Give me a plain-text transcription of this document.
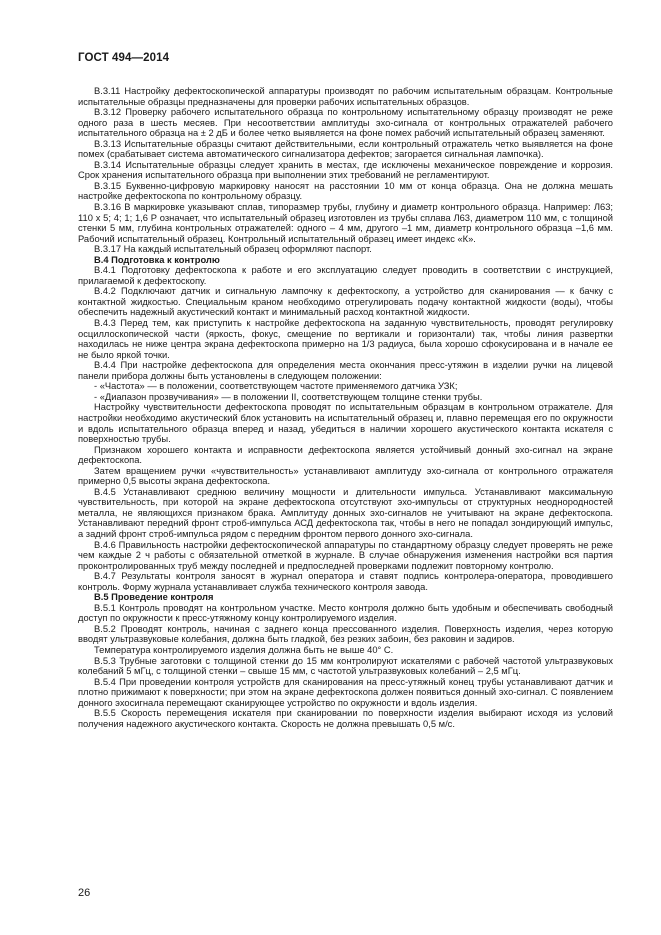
ГОСТ 494—2014

В.3.11 Настройку дефектоскопической аппаратуры производят по рабочим испытательным образцам. Контрольные испытательные образцы предназначены для проверки рабочих испытательных образцов.

В.3.12 Проверку рабочего испытательного образца по контрольному испытательному образцу производят не реже одного раза в шесть месяев. При несоответствии амплитуды эхо-сигнала от контрольных отражателей рабочего испытательного образца на ± 2 дБ и более четко выявляется на фоне помех рабочий испытательный образец заменяют.

В.3.13 Испытательные образцы считают действительными, если контрольный отражатель четко выявляется на фоне помех (срабатывает система автоматического сигнализатора дефектов; загорается сигнальная лампочка).

В.3.14 Испытательные образцы следует хранить в местах, где исключены механическое повреждение и коррозия. Срок хранения испытательного образца при выполнении этих требований не регламентируют.

В.3.15 Буквенно-цифровую маркировку наносят на расстоянии 10 мм от конца образца. Она не должна мешать настройке дефектоскопа по контрольному образцу.

В.3.16 В маркировке указывают сплав, типоразмер трубы, глубину и диаметр контрольного образца. Например: Л63; 110 x 5; 4; 1; 1,6 Р означает, что испытательный образец изготовлен из трубы сплава Л63, диаметром 110 мм, с толщиной стенки 5 мм, глубина контрольных отражателей: одного – 4 мм, другого –1 мм, диаметр контрольного образца –1,6 мм. Рабочий испытательный образец. Контрольный испытательный образец имеет индекс «К».

В.3.17 На каждый испытательный образец оформляют паспорт.

В.4 Подготовка к контролю

В.4.1 Подготовку дефектоскопа к работе и его эксплуатацию следует проводить в соответствии с инструкцией, прилагаемой к дефектоскопу.

В.4.2 Подключают датчик и сигнальную лампочку к дефектоскопу, а устройство для сканирования — к бачку с контактной жидкостью. Специальным краном необходимо отрегулировать подачу контактной жидкости (воды), чтобы обеспечить надежный акустический контакт и минимальный расход контактной жидкости.

В.4.3 Перед тем, как приступить к настройке дефектоскопа на заданную чувствительность, проводят регулировку осциллоскопической части (яркость, фокус, смещение по вертикали и горизонтали) так, чтобы линия развертки находилась не ниже центра экрана дефектоскопа примерно на 1/3 радиуса, была хорошо сфокусирована и в начале ее не было яркой точки.

В.4.4 При настройке дефектоскопа для определения места окончания пресс-утяжин в изделии ручки на лицевой панели прибора должны быть установлены в следующем положении:

- «Частота» — в положении, соответствующем частоте применяемого датчика УЗК;

- «Диапазон прозвучивания» — в положении II, соответствующем толщине стенки трубы.

Настройку чувствительности дефектоскопа проводят по испытательным образцам в контрольном отражателе. Для настройки необходимо акустический блок установить на испытательный образец и, плавно перемещая его по окружности и вдоль испытательного образца вперед и назад, убедиться в наличии хорошего акустического контакта искателя с поверхностью трубы.

Признаком хорошего контакта и исправности дефектоскопа является устойчивый донный эхо-сигнал на экране дефектоскопа.

Затем вращением ручки «чувствительность» устанавливают амплитуду эхо-сигнала от контрольного отражателя примерно 0,5 высоты экрана дефектоскопа.

В.4.5 Устанавливают среднюю величину мощности и длительности импульса. Устанавливают максимальную чувствительность, при которой на экране дефектоскопа отсутствуют эхо-импульсы от структурных неоднородностей металла, не являющихся признаком брака. Амплитуду донных эхо-сигналов не учитывают на экране дефектоскопа. Устанавливают передний фронт строб-импульса АСД дефектоскопа так, чтобы в него не попадал зондирующий импульс, а задний фронт строб-импульса рядом с передним фронтом первого донного эхо-сигнала.

В.4.6 Правильность настройки дефектоскопической аппаратуры по стандартному образцу следует проверять не реже чем каждые 2 ч работы с обязательной отметкой в журнале. В случае обнаружения изменения настройки вся партия проконтролированных труб между последней и предпоследней проверками подлежит повторному контролю.

В.4.7 Результаты контроля заносят в журнал оператора и ставят подпись контролера-оператора, проводившего контроль. Форму журнала устанавливает служба технического контроля завода.

В.5 Проведение контроля

В.5.1 Контроль проводят на контрольном участке. Место контроля должно быть удобным и обеспечивать свободный доступ по окружности к пресс-утяжному концу контролируемого изделия.

В.5.2 Проводят контроль, начиная с заднего конца прессованного изделия. Поверхность изделия, через которую вводят ультразвуковые колебания, должна быть гладкой, без резких забоин, без раковин и задиров.

Температура контролируемого изделия должна быть не выше 40° С.

В.5.3 Трубные заготовки с толщиной стенки до 15 мм контролируют искателями с рабочей частотой ультразвуковых колебаний 5 мГц, с толщиной стенки – свыше 15 мм, с частотой ультразвуковых колебаний – 2,5 мГц.

В.5.4 При проведении контроля устройств для сканирования на пресс-утяжный конец трубы устанавливают датчик и плотно прижимают к поверхности; при этом на экране дефектоскопа должен появиться донный эхо-сигнал. С появлением донного эхосигнала перемещают сканирующее устройство по окружности и вдоль изделия.

В.5.5 Скорость перемещения искателя при сканировании по поверхности изделия выбирают исходя из условий получения надежного акустического контакта. Скорость не должна превышать 0,5 м/с.

26
